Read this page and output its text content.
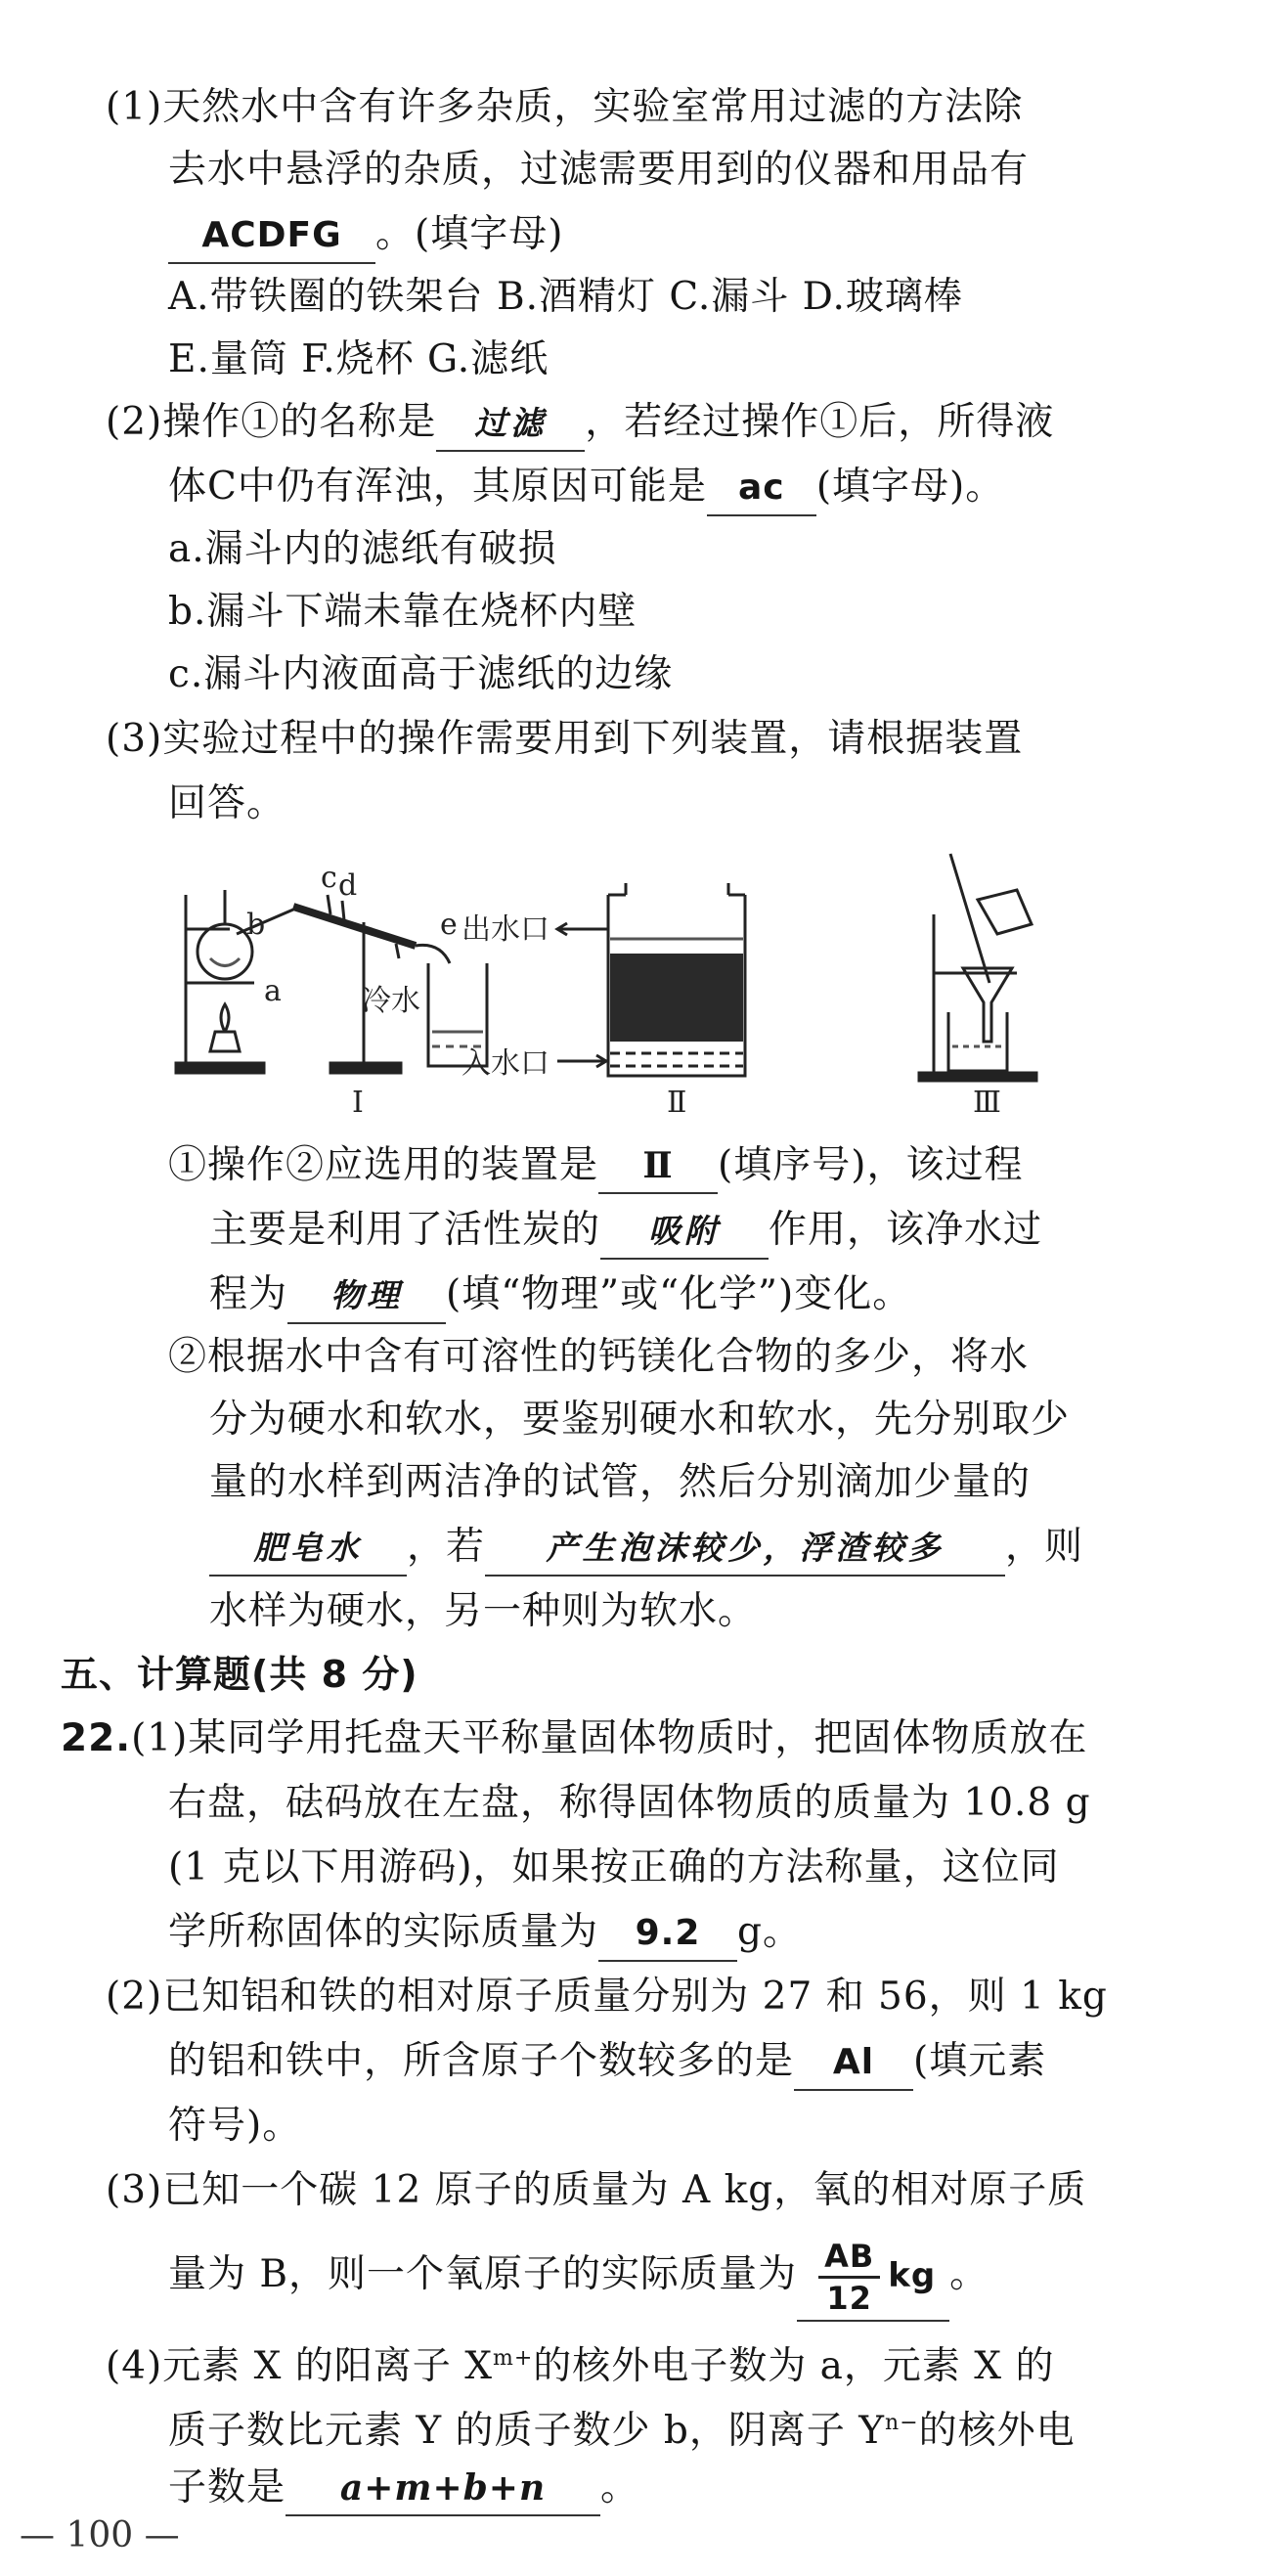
(1)天然水中含有许多杂质，实验室常用过滤的方法除
去水中悬浮的杂质，过滤需要用到的仪器和用品有
ACDFG 。(填字母)
A.带铁圈的铁架台 B.酒精灯 C.漏斗 D.玻璃棒
E.量筒 F.烧杯 G.滤纸
(2)操作①的名称是 过滤 ，若经过操作①后，所得液
体C中仍有浑浊，其原因可能是 ac (填字母)。
a.漏斗内的滤纸有破损
b.漏斗下端未靠在烧杯内壁
c.漏斗内液面高于滤纸的边缘
(3)实验过程中的操作需要用到下列装置，请根据装置
回答。
a
b
c d
e
冷水
出水口
入水口
Ⅰ	Ⅱ	Ⅲ
①操作②应选用的装置是 Ⅱ (填序号)，该过程
主要是利用了活性炭的 吸附 作用，该净水过
程为 物理 (填“物理”或“化学”)变化。
②根据水中含有可溶性的钙镁化合物的多少，将水
分为硬水和软水，要鉴别硬水和软水，先分别取少
量的水样到两洁净的试管，然后分别滴加少量的
肥皂水 ，若 产生泡沫较少，浮渣较多 ，则
水样为硬水，另一种则为软水。
五、计算题(共 8 分)
22.(1)某同学用托盘天平称量固体物质时，把固体物质放在
右盘，砝码放在左盘，称得固体物质的质量为 10.8 g
(1 克以下用游码)，如果按正确的方法称量，这位同
学所称固体的实际质量为 9.2 g。
(2)已知铝和铁的相对原子质量分别为 27 和 56，则 1 kg
的铝和铁中，所含原子个数较多的是 Al (填元素
符号)。
(3)已知一个碳 12 原子的质量为 A kg，氧的相对原子质
量为 B，则一个氧原子的实际质量为 $\frac{AB}{12}$ kg 。
(4)元素 X 的阳离子 $X^{m+}$的核外电子数为 a，元素 X 的
质子数比元素 Y 的质子数少 b，阴离子 $Y^{n-}$的核外电
子数是 a+m+b+n 。
— 100 —
